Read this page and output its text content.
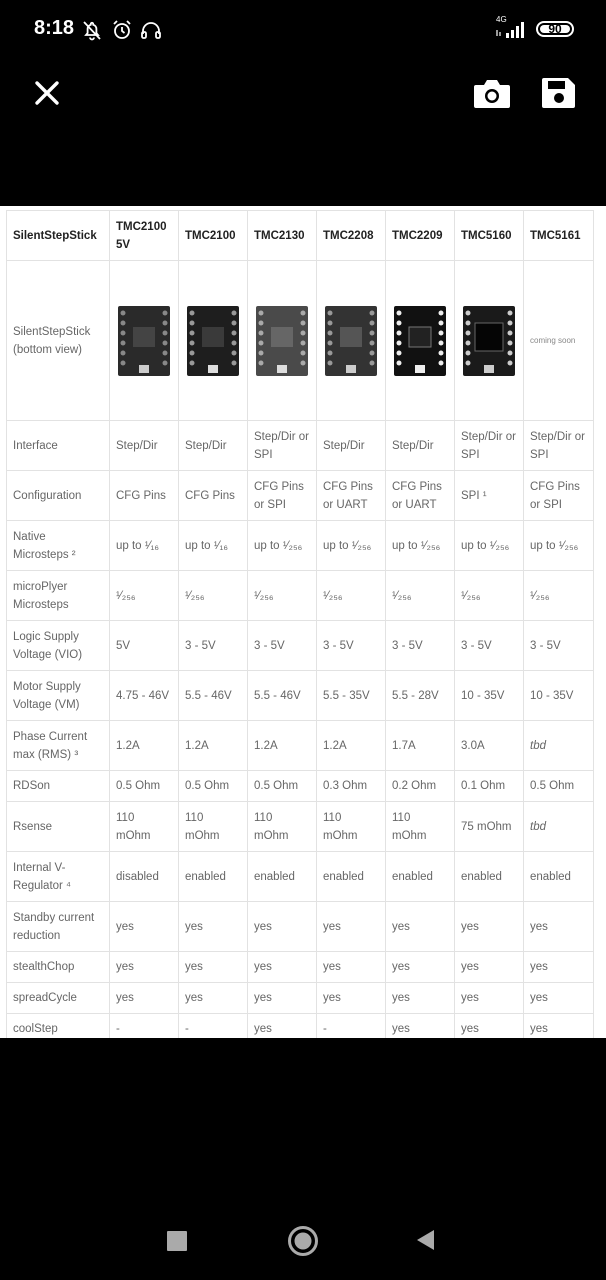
8:18	4G
90
SilentStepStick	TMC2100 5V	TMC2100	TMC2130	TMC2208	TMC2209	TMC5160	TMC5161
SilentStepStick (bottom view)							coming soon
Interface	Step/Dir	Step/Dir	Step/Dir or SPI	Step/Dir	Step/Dir	Step/Dir or SPI	Step/Dir or SPI
Configuration	CFG Pins	CFG Pins	CFG Pins or SPI	CFG Pins or UART	CFG Pins or UART	SPI ¹	CFG Pins or SPI
Native Microsteps ²	up to ¹⁄₁₆	up to ¹⁄₁₆	up to ¹⁄₂₅₆	up to ¹⁄₂₅₆	up to ¹⁄₂₅₆	up to ¹⁄₂₅₆	up to ¹⁄₂₅₆
microPlyer Microsteps	¹⁄₂₅₆	¹⁄₂₅₆	¹⁄₂₅₆	¹⁄₂₅₆	¹⁄₂₅₆	¹⁄₂₅₆	¹⁄₂₅₆
Logic Supply Voltage (VIO)	5V	3 - 5V	3 - 5V	3 - 5V	3 - 5V	3 - 5V	3 - 5V
Motor Supply Voltage (VM)	4.75 - 46V	5.5 - 46V	5.5 - 46V	5.5 - 35V	5.5 - 28V	10 - 35V	10 - 35V
Phase Current max (RMS) ³	1.2A	1.2A	1.2A	1.2A	1.7A	3.0A	tbd
RDSon	0.5 Ohm	0.5 Ohm	0.5 Ohm	0.3 Ohm	0.2 Ohm	0.1 Ohm	0.5 Ohm
Rsense	110 mOhm	110 mOhm	110 mOhm	110 mOhm	110 mOhm	75 mOhm	tbd
Internal V-Regulator ⁴	disabled	enabled	enabled	enabled	enabled	enabled	enabled
Standby current reduction	yes	yes	yes	yes	yes	yes	yes
stealthChop	yes	yes	yes	yes	yes	yes	yes
spreadCycle	yes	yes	yes	yes	yes	yes	yes
coolStep	-	-	yes	-	yes	yes	yes
